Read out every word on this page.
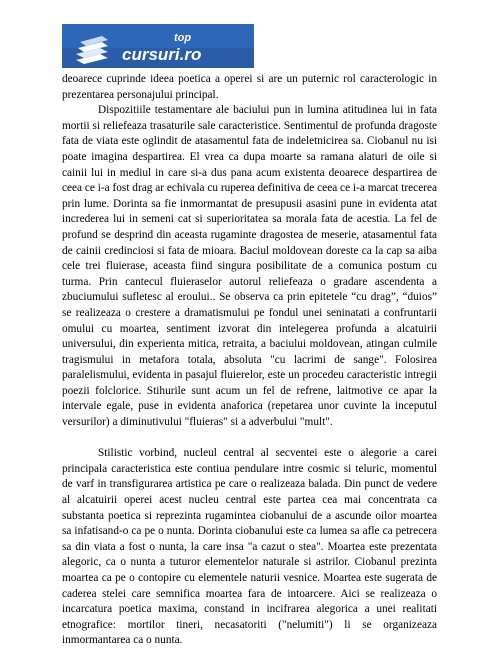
top
cursuri.ro

deoarece cuprinde ideea poetica a operei si are un puternic rol caracterologic in prezentarea personajului principal.

Dispozitiile testamentare ale baciului pun in lumina atitudinea lui in fata mortii si reliefeaza trasaturile sale caracteristice. Sentimentul de profunda dragoste fata de viata este oglindit de atasamentul fata de indeletnicirea sa. Ciobanul nu isi poate imagina despartirea. El vrea ca dupa moarte sa ramana alaturi de oile si cainii lui in mediul in care si-a dus pana acum existenta deoarece despartirea de ceea ce i-a fost drag ar echivala cu ruperea definitiva de ceea ce i-a marcat trecerea prin lume. Dorinta sa fie inmormantat de presupusii asasini pune in evidenta atat increderea lui in semeni cat si superioritatea sa morala fata de acestia. La fel de profund se desprind din aceasta rugaminte dragostea de meserie, atasamentul fata de cainii credinciosi si fata de mioara. Baciul moldovean doreste ca la cap sa aiba cele trei fluierase, aceasta fiind singura posibilitate de a comunica postum cu turma. Prin cantecul fluieraselor autorul reliefeaza o gradare ascendenta a zbuciumului sufletesc al eroului.. Se observa ca prin epitetele “cu drag”, “duios” se realizeaza o crestere a dramatismului pe fondul unei seninatati a confruntarii omului cu moartea, sentiment izvorat din intelegerea profunda a alcatuirii universului, din experienta mitica, retraita, a baciului moldovean, atingan culmile tragismului in metafora totala, absoluta "cu lacrimi de sange". Folosirea paralelismului, evidenta in pasajul fluierelor, este un procedeu caracteristic intregii poezii folclorice. Stihurile sunt acum un fel de refrene, laitmotive ce apar la intervale egale, puse in evidenta anaforica (repetarea unor cuvinte la inceputul versurilor) a diminutivului "fluieras" si a adverbului "mult".

Stilistic vorbind, nucleul central al secventei este o alegorie a carei principala caracteristica este contiua pendulare intre cosmic si teluric, momentul de varf in transfigurarea artistica pe care o realizeaza balada. Din punct de vedere al alcatuirii operei acest nucleu central este partea cea mai concentrata ca substanta poetica si reprezinta rugamintea ciobanului de a ascunde oilor moartea sa infatisand-o ca pe o nunta. Dorinta ciobanului este ca lumea sa afle ca petrecera sa din viata a fost o nunta, la care insa "a cazut o stea". Moartea este prezentata alegoric, ca o nunta a tuturor elementelor naturale si astrilor. Ciobanul prezinta moartea ca pe o contopire cu elementele naturii vesnice. Moartea este sugerata de caderea stelei care semnifica moartea fara de intoarcere. Aici se realizeaza o incarcatura poetica maxima, constand in incifrarea alegorica a unei realitati etnografice: mortilor tineri, necasatoriti ("nelumiti") li se organizeaza inmormantarea ca o nunta.
